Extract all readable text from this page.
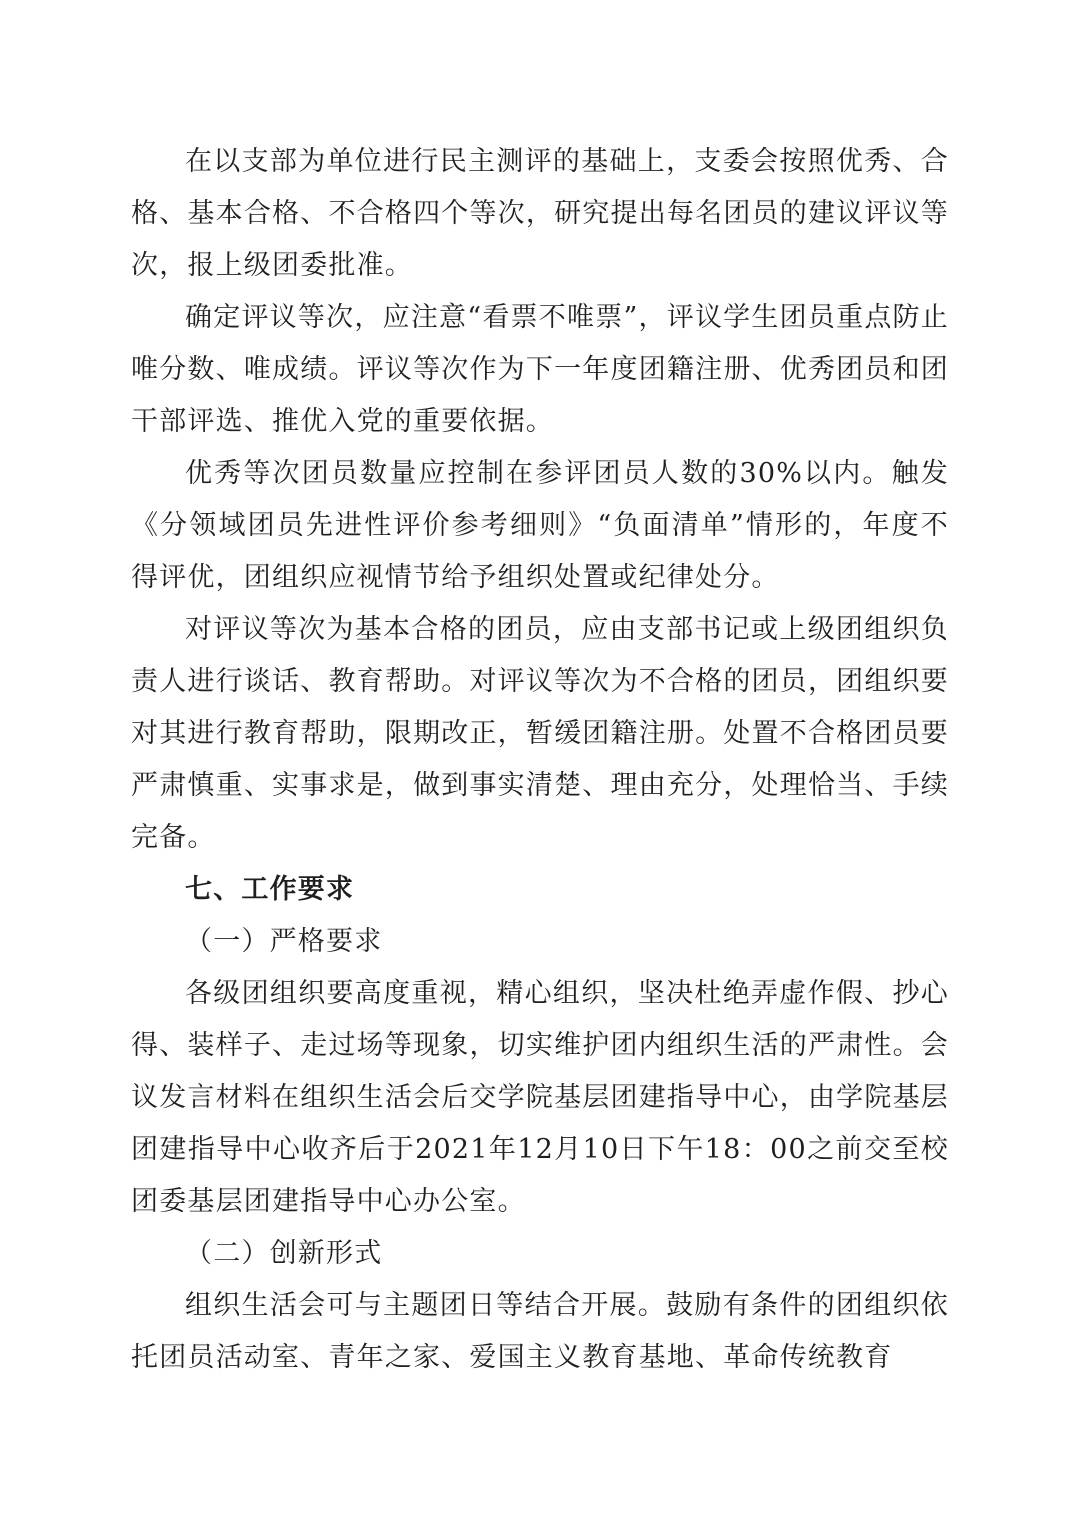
在以支部为单位进行民主测评的基础上，支委会按照优秀、合格、基本合格、不合格四个等次，研究提出每名团员的建议评议等次，报上级团委批准。

确定评议等次，应注意“看票不唯票”，评议学生团员重点防止唯分数、唯成绩。评议等次作为下一年度团籍注册、优秀团员和团干部评选、推优入党的重要依据。

优秀等次团员数量应控制在参评团员人数的30%以内。触发《分领域团员先进性评价参考细则》“负面清单”情形的，年度不得评优，团组织应视情节给予组织处置或纪律处分。

对评议等次为基本合格的团员，应由支部书记或上级团组织负责人进行谈话、教育帮助。对评议等次为不合格的团员，团组织要对其进行教育帮助，限期改正，暂缓团籍注册。处置不合格团员要严肃慎重、实事求是，做到事实清楚、理由充分，处理恰当、手续完备。

七、工作要求

（一）严格要求

各级团组织要高度重视，精心组织，坚决杜绝弄虚作假、抄心得、装样子、走过场等现象，切实维护团内组织生活的严肃性。会议发言材料在组织生活会后交学院基层团建指导中心，由学院基层团建指导中心收齐后于2021年12月10日下午18：00之前交至校团委基层团建指导中心办公室。

（二）创新形式

组织生活会可与主题团日等结合开展。鼓励有条件的团组织依托团员活动室、青年之家、爱国主义教育基地、革命传统教育
